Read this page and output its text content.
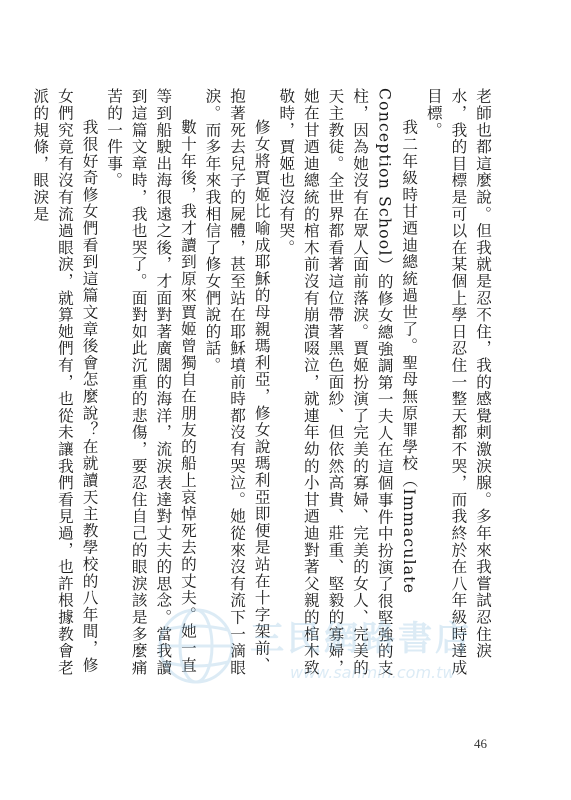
老師也都這麼說。但我就是忍不住，我的感覺刺激淚腺。多年來我嘗試忍住淚水，我的目標是可以在某個上學日忍住一整天都不哭，而我終於在八年級時達成目標。

我二年級時甘迺迪總統過世了。聖母無原罪學校（Immaculate Conception School）的修女總強調第一夫人在這個事件中扮演了很堅強的支柱，因為她沒有在眾人面前落淚。賈姬扮演了完美的寡婦、完美的女人、完美的天主教徒。全世界都看著這位帶著黑色面紗、但依然高貴、莊重、堅毅的寡婦，她在甘迺迪總統的棺木前沒有崩潰啜泣，就連年幼的小甘迺迪對著父親的棺木致敬時，賈姬也沒有哭。

修女將賈姬比喻成耶穌的母親瑪利亞，修女說瑪利亞即便是站在十字架前、抱著死去兒子的屍體，甚至站在耶穌墳前時都沒有哭泣。她從來沒有流下一滴眼淚。而多年來我相信了修女們說的話。

數十年後，我才讀到原來賈姬曾獨自在朋友的船上哀悼死去的丈夫。她一直等到船駛出海很遠之後，才面對著廣闊的海洋，流淚表達對丈夫的思念。當我讀到這篇文章時，我也哭了。面對如此沉重的悲傷，要忍住自己的眼淚該是多麼痛苦的一件事。

我很好奇修女們看到這篇文章後會怎麼說？在就讀天主教學校的八年間，修女們究竟有沒有流過眼淚，就算她們有，也從未讓我們看見過，也許根據教會老派的規條，眼淚是

三民網路書店
www.sanmin.com.tw
46
